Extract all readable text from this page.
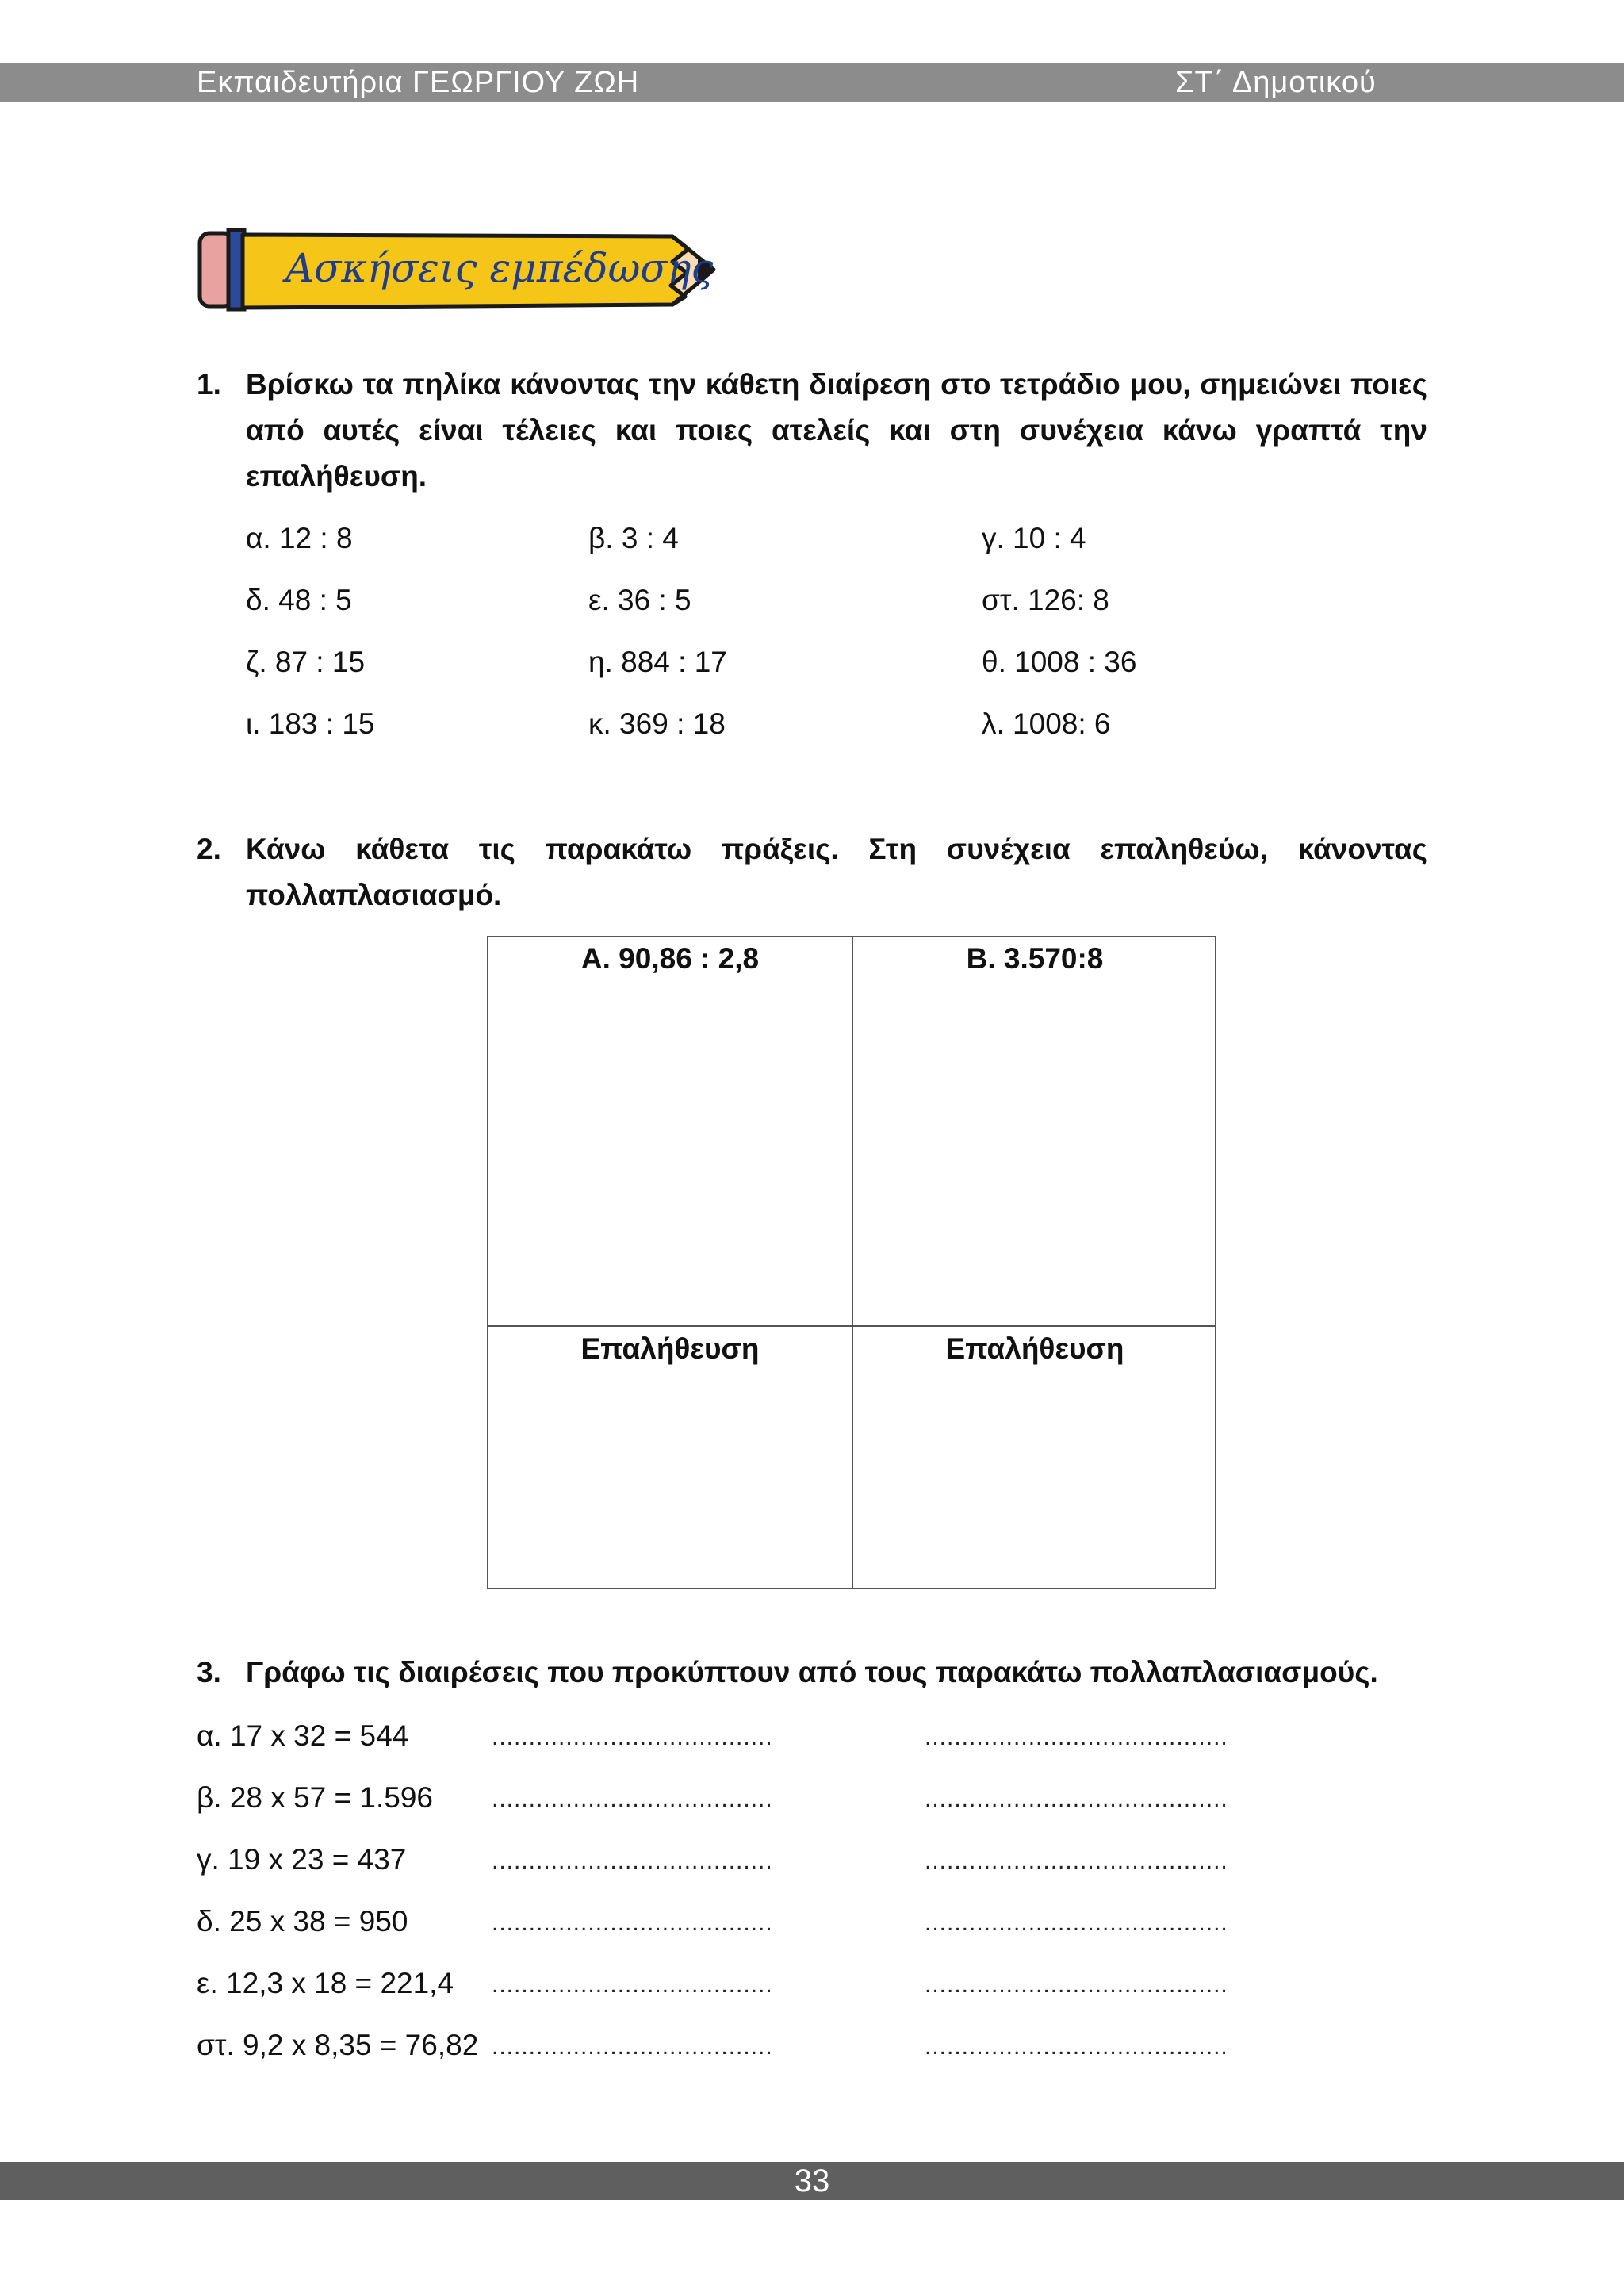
Εκπαιδευτήρια ΓΕΩΡΓΙΟΥ ΖΩΗ	ΣΤ΄ Δημοτικού
Ασκήσεις εμπέδωσης
1. Βρίσκω τα πηλίκα κάνοντας την κάθετη διαίρεση στο τετράδιο μου, σημειώνει ποιες
από αυτές είναι τέλειες και ποιες ατελείς και στη συνέχεια κάνω γραπτά την
επαλήθευση.
α. 12 : 8	β. 3 : 4	γ. 10 : 4
δ. 48 : 5	ε. 36 : 5	στ. 126: 8
ζ. 87 : 15	η. 884 : 17	θ. 1008 : 36
ι. 183 : 15	κ. 369 : 18	λ. 1008: 6
2. Κάνω κάθετα τις παρακάτω πράξεις. Στη συνέχεια επαληθεύω, κάνοντας
πολλαπλασιασμό.
Α. 90,86 : 2,8	Β. 3.570:8
Επαλήθευση	Επαλήθευση
3. Γράφω τις διαιρέσεις που προκύπτουν από τους παρακάτω πολλαπλασιασμούς.
α. 17 x 32 = 544	......................................	.........................................
β. 28 x 57 = 1.596 ......................................	.........................................
γ. 19 x 23 = 437	......................................	.........................................
δ. 25 x 38 = 950	......................................	.........................................
ε. 12,3 x 18 = 221,4 ......................................	.........................................
στ. 9,2 x 8,35 = 76,82 ......................................	.........................................
33
